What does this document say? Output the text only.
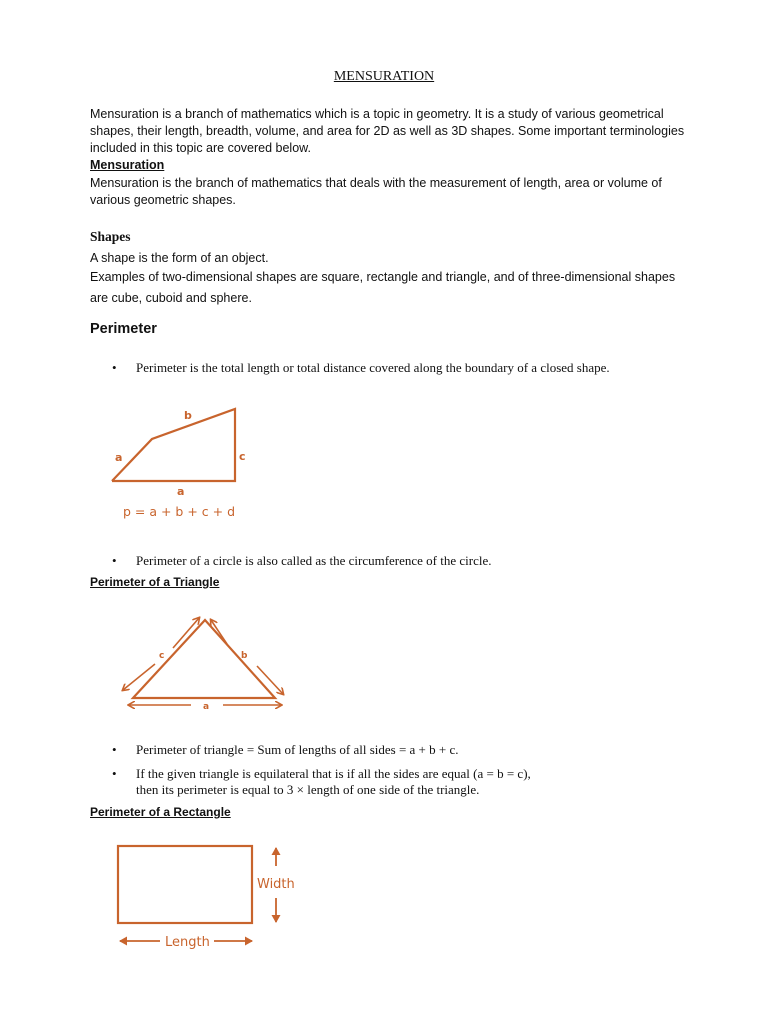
MENSURATION
Mensuration is a branch of mathematics which is a topic in geometry. It is a study of various geometrical shapes, their length, breadth, volume, and area for 2D as well as 3D shapes. Some important terminologies included in this topic are covered below.
Mensuration
Mensuration is the branch of mathematics that deals with the measurement of length, area or volume of various geometric shapes.
Shapes
A shape is the form of an object.
Examples of two-dimensional shapes are square, rectangle and triangle, and of three-dimensional shapes are cube, cuboid and sphere.
Perimeter
• Perimeter is the total length or total distance covered along the boundary of a closed shape.
b
a	c
a
p = a + b + c + d
• Perimeter of a circle is also called as the circumference of the circle.
Perimeter of a Triangle
c	b
a
• Perimeter of triangle = Sum of lengths of all sides = a + b + c.
• If the given triangle is equilateral that is if all the sides are equal (a = b = c),
then its perimeter is equal to 3 × length of one side of the triangle.
Perimeter of a Rectangle
Width
Length
